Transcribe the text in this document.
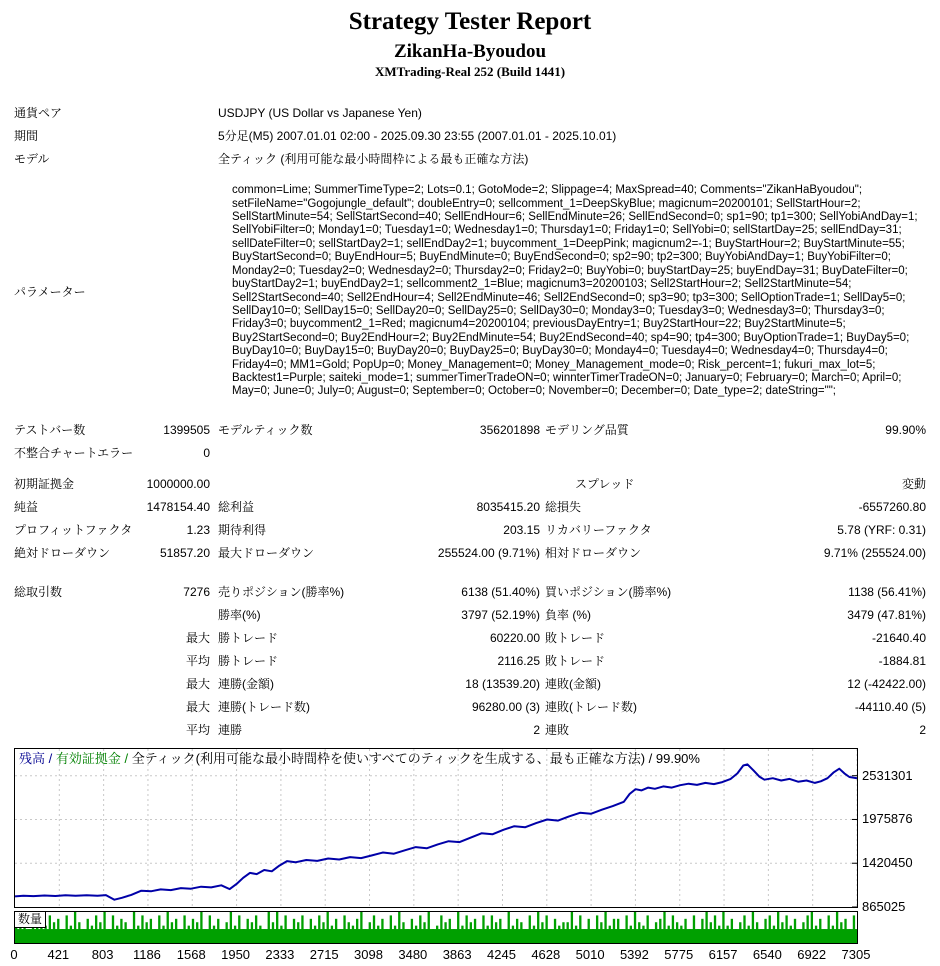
Strategy Tester Report
ZikanHa-Byoudou
XMTrading-Real 252 (Build 1441)
通貨ペア	USDJPY (US Dollar vs Japanese Yen)
期間	5分足(M5) 2007.01.01 02:00 - 2025.09.30 23:55 (2007.01.01 - 2025.10.01)
モデル	全ティック (利用可能な最小時間枠による最も正確な方法)
パラメーター
common=Lime; SummerTimeType=2; Lots=0.1; GotoMode=2; Slippage=4; MaxSpread=40; Comments="ZikanHaByoudou"; setFileName="Gogojungle_default"; doubleEntry=0; sellcomment_1=DeepSkyBlue; magicnum=20200101; SellStartHour=2; SellStartMinute=54; SellStartSecond=40; SellEndHour=6; SellEndMinute=26; SellEndSecond=0; sp1=90; tp1=300; SellYobiAndDay=1; SellYobiFilter=0; Monday1=0; Tuesday1=0; Wednesday1=0; Thursday1=0; Friday1=0; SellYobi=0; sellStartDay=25; sellEndDay=31; sellDateFilter=0; sellStartDay2=1; sellEndDay2=1; buycomment_1=DeepPink; magicnum2=-1; BuyStartHour=2; BuyStartMinute=55; BuyStartSecond=0; BuyEndHour=5; BuyEndMinute=0; BuyEndSecond=0; sp2=90; tp2=300; BuyYobiAndDay=1; BuyYobiFilter=0; Monday2=0; Tuesday2=0; Wednesday2=0; Thursday2=0; Friday2=0; BuyYobi=0; buyStartDay=25; buyEndDay=31; BuyDateFilter=0; buyStartDay2=1; buyEndDay2=1; sellcomment2_1=Blue; magicnum3=20200103; Sell2StartHour=2; Sell2StartMinute=54; Sell2StartSecond=40; Sell2EndHour=4; Sell2EndMinute=46; Sell2EndSecond=0; sp3=90; tp3=300; SellOptionTrade=1; SellDay5=0; SellDay10=0; SellDay15=0; SellDay20=0; SellDay25=0; SellDay30=0; Monday3=0; Tuesday3=0; Wednesday3=0; Thursday3=0; Friday3=0; buycomment2_1=Red; magicnum4=20200104; previousDayEntry=1; Buy2StartHour=22; Buy2StartMinute=5; Buy2StartSecond=0; Buy2EndHour=2; Buy2EndMinute=54; Buy2EndSecond=40; sp4=90; tp4=300; BuyOptionTrade=1; BuyDay5=0; BuyDay10=0; BuyDay15=0; BuyDay20=0; BuyDay25=0; BuyDay30=0; Monday4=0; Tuesday4=0; Wednesday4=0; Thursday4=0; Friday4=0; MM1=Gold; PopUp=0; Money_Management=0; Money_Management_mode=0; Risk_percent=1; fukuri_max_lot=5; Backtest1=Purple; saiteki_mode=1; summerTimerTradeON=0; winnterTimerTradeON=0; January=0; February=0; March=0; April=0; May=0; June=0; July=0; August=0; September=0; October=0; November=0; December=0; Date_type=2; dateString="";
テストバー数	1399505 モデルティック数	356201898 モデリング品質	99.90%
不整合チャートエラー	0
初期証拠金	1000000.00	スプレッド	変動
純益	1478154.40 総利益	8035415.20 総損失	-6557260.80
プロフィットファクタ	1.23 期待利得	203.15 リカバリーファクタ	5.78 (YRF: 0.31)
絶対ドローダウン	51857.20 最大ドローダウン	255524.00 (9.71%) 相対ドローダウン	9.71% (255524.00)
総取引数	7276 売りポジション(勝率%)	6138 (51.40%) 買いポジション(勝率%)	1138 (56.41%)
勝率(%)	3797 (52.19%) 負率 (%)	3479 (47.81%)
最大 勝トレード	60220.00 敗トレード	-21640.40
平均 勝トレード	2116.25 敗トレード	-1884.81
最大 連勝(金額)	18 (13539.20) 連敗(金額)	12 (-42422.00)
最大 連勝(トレード数)	96280.00 (3) 連敗(トレード数)	-44110.40 (5)
平均 連勝	2 連敗	2
残高 / 有効証拠金 / 全ティック(利用可能な最小時間枠を使いすべてのティックを生成する、最も正確な方法) / 99.90%
2531301
1975876
1420450
865025
数量
0 421 803 1186 1568 1950 2333 2715 3098 3480 3863 4245 4628 5010 5392 5775 6157 6540 6922 7305
